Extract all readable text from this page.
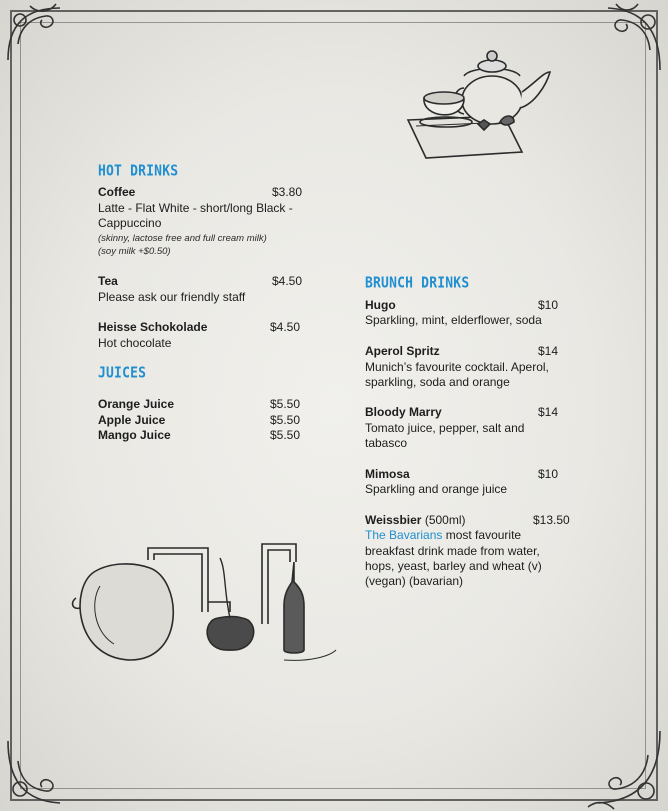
HOT DRINKS
Coffee	$3.80
Latte - Flat White - short/long Black -
Cappuccino
(skinny, lactose free and full cream milk)
(soy milk +$0.50)
Tea	$4.50
Please ask our friendly staff
Heisse Schokolade	$4.50
Hot chocolate
JUICES
Orange Juice	$5.50
Apple Juice	$5.50
Mango Juice	$5.50
BRUNCH DRINKS
Hugo	$10
Sparkling, mint, elderflower, soda
Aperol Spritz	$14
Munich’s favourite cocktail. Aperol,
sparkling, soda and orange
Bloody Marry	$14
Tomato juice, pepper, salt and
tabasco
Mimosa	$10
Sparkling and orange juice
Weissbier (500ml)	$13.50
The Bavarians most favourite
breakfast drink made from water,
hops, yeast, barley and wheat (v)
(vegan) (bavarian)
